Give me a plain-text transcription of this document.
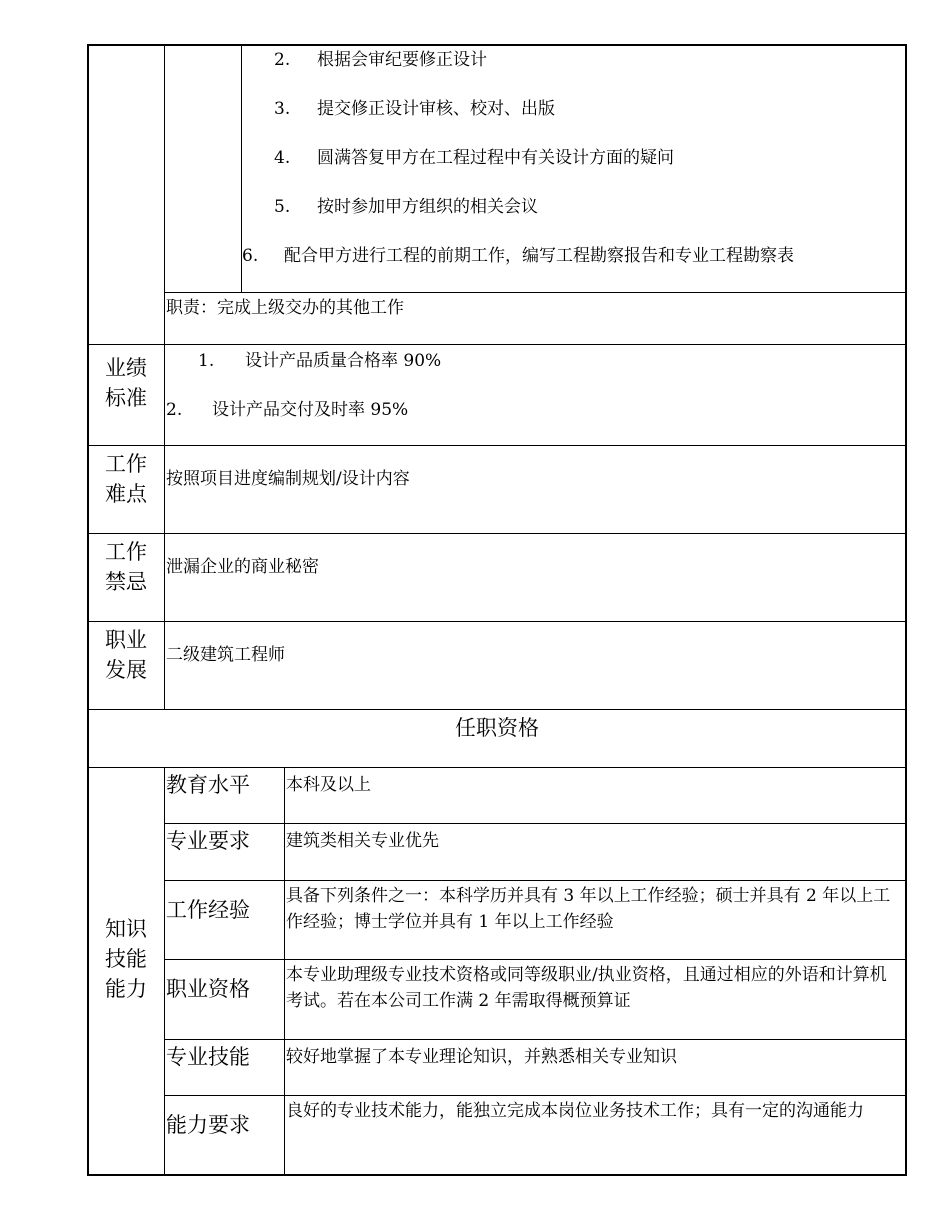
2. 根据会审纪要修正设计
3. 提交修正设计审核、校对、出版
4. 圆满答复甲方在工程过程中有关设计方面的疑问
5. 按时参加甲方组织的相关会议
6. 配合甲方进行工程的前期工作，编写工程勘察报告和专业工程勘察表
职责：完成上级交办的其他工作
业绩
标准
1. 设计产品质量合格率 90%
2. 设计产品交付及时率 95%
工作
难点
按照项目进度编制规划/设计内容
工作
禁忌
泄漏企业的商业秘密
职业
发展
二级建筑工程师
任职资格
知识
技能
能力
教育水平 本科及以上
专业要求 建筑类相关专业优先
工作经验
具备下列条件之一：本科学历并具有 3 年以上工作经验；硕士并具有 2 年以上工作经验；博士学位并具有 1 年以上工作经验
职业资格
本专业助理级专业技术资格或同等级职业/执业资格，且通过相应的外语和计算机考试。若在本公司工作满 2 年需取得概预算证
专业技能 较好地掌握了本专业理论知识，并熟悉相关专业知识
能力要求
良好的专业技术能力，能独立完成本岗位业务技术工作；具有一定的沟通能力
